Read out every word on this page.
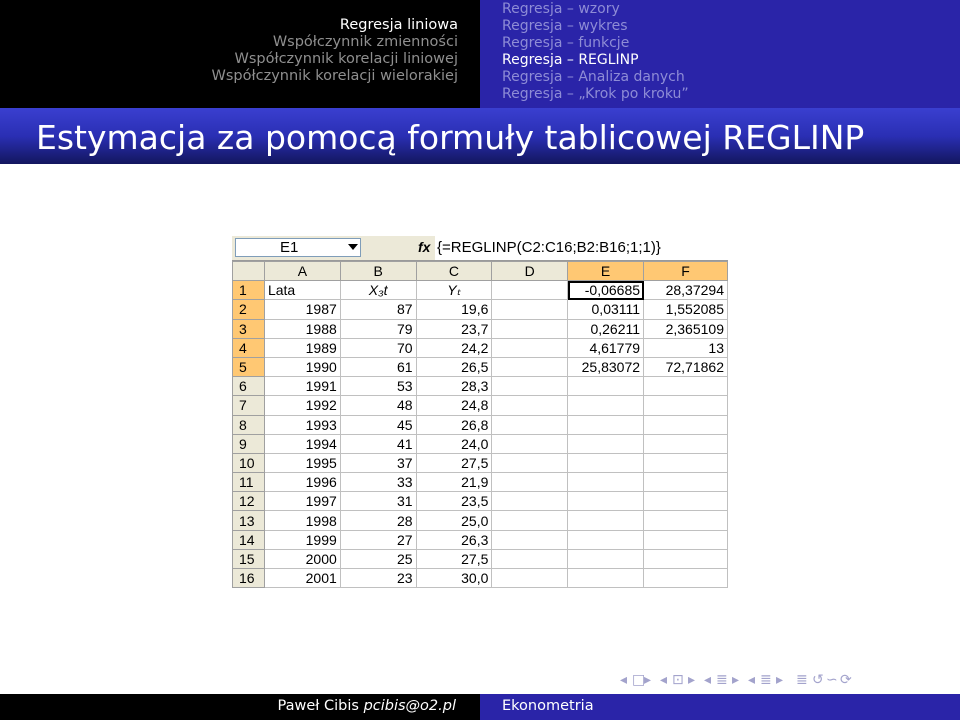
Regresja liniowa
Współczynnik zmienności
Współczynnik korelacji liniowej
Współczynnik korelacji wielorakiej
Regresja – wzory
Regresja – wykres
Regresja – funkcje
Regresja – REGLINP
Regresja – Analiza danych
Regresja – „Krok po kroku”
Estymacja za pomocą formuły tablicowej REGLINP
E1	fx {=REGLINP(C2:C16;B2:B16;1;1)}
	A	B	C	D	E	F
1	Lata	X₃t	Yₜ		-0,06685	28,37294
2	1987	87	19,6		0,03111	1,552085
3	1988	79	23,7		0,26211	2,365109
4	1989	70	24,2		4,61779	13
5	1990	61	26,5		25,83072	72,71862
6	1991	53	28,3			
7	1992	48	24,8			
8	1993	45	26,8			
9	1994	41	24,0			
10	1995	37	27,5			
11	1996	33	21,9			
12	1997	31	23,5			
13	1998	28	25,0			
14	1999	27	26,3			
15	2000	25	27,5			
16	2001	23	30,0			
◂ □
▸ ◂ ⊡ ▸ ◂ ≣ ▸ ◂ ≣ ▸ ≣ ↺ ∽ ⟳
Paweł Cibis pcibis@o2.pl	Ekonometria
